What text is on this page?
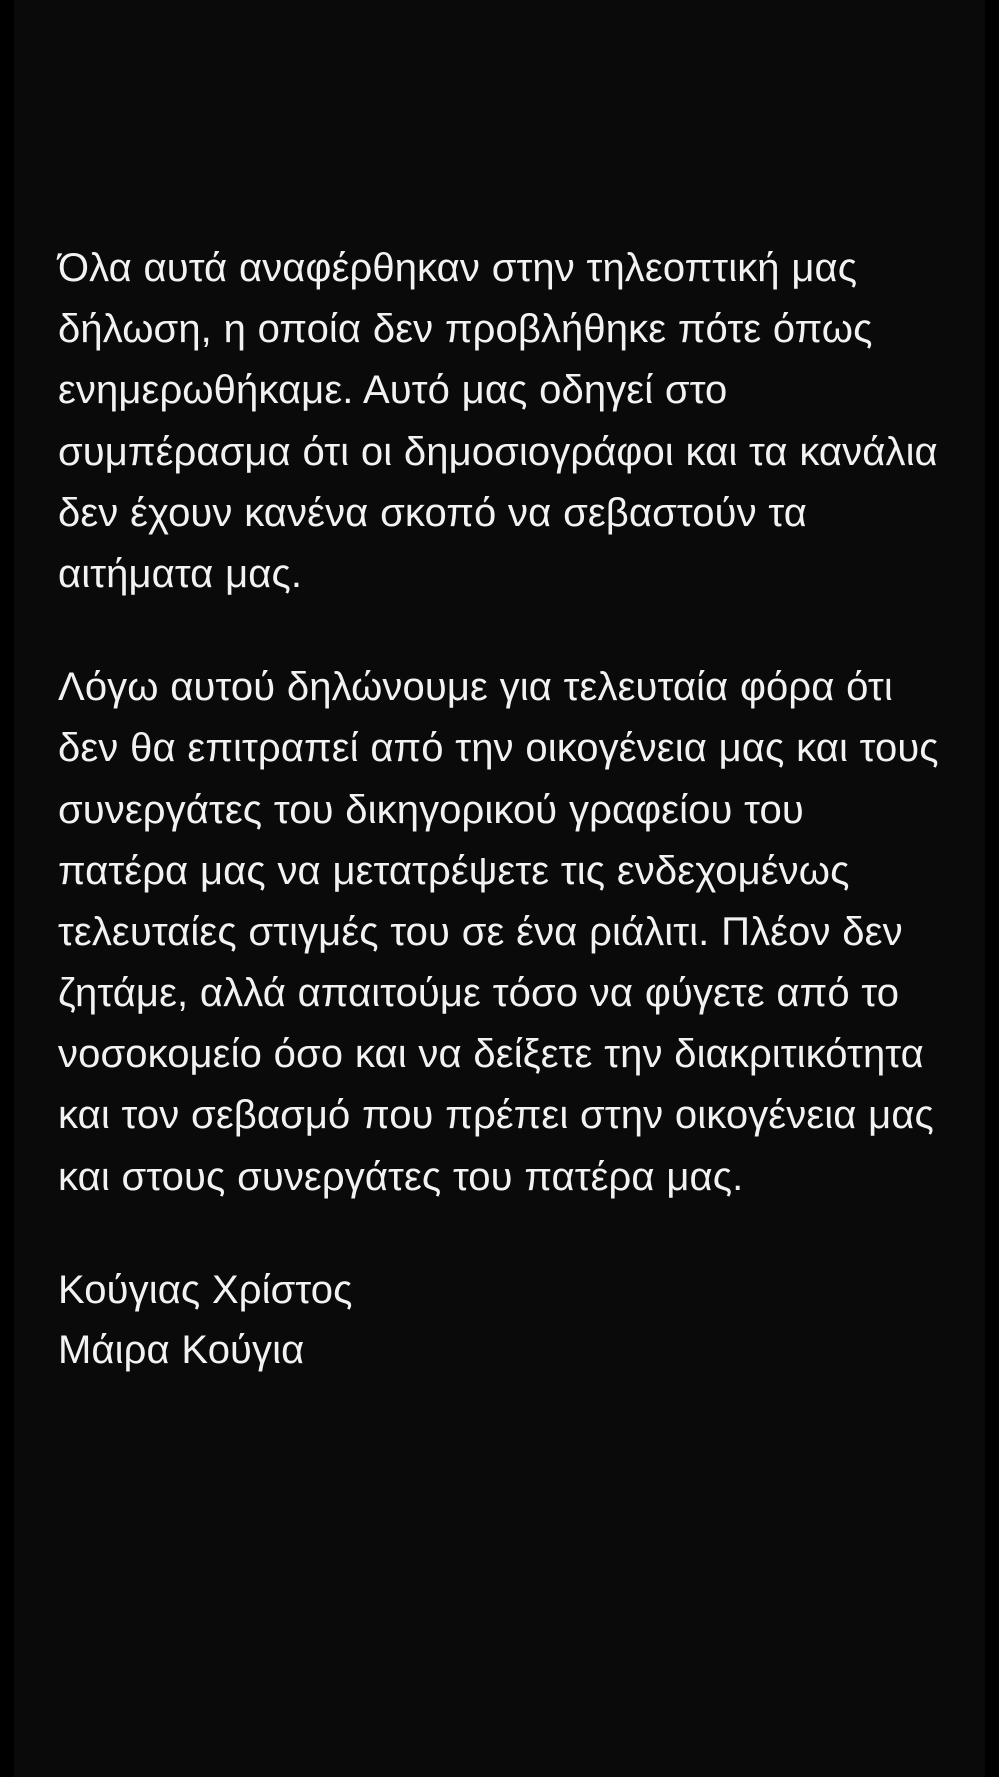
Όλα αυτά αναφέρθηκαν στην τηλεοπτική μας δήλωση, η οποία δεν προβλήθηκε πότε όπως ενημερωθήκαμε. Αυτό μας οδηγεί στο συμπέρασμα ότι οι δημοσιογράφοι και τα κανάλια δεν έχουν κανένα σκοπό να σεβαστούν τα αιτήματα μας.

Λόγω αυτού δηλώνουμε για τελευταία φόρα ότι δεν θα επιτραπεί από την οικογένεια μας και τους συνεργάτες του δικηγορικού γραφείου του πατέρα μας να μετατρέψετε τις ενδεχομένως τελευταίες στιγμές του σε ένα ριάλιτι. Πλέον δεν ζητάμε, αλλά απαιτούμε τόσο να φύγετε από το νοσοκομείο όσο και να δείξετε την διακριτικότητα και τον σεβασμό που πρέπει στην οικογένεια μας και στους συνεργάτες του πατέρα μας.

Κούγιας Χρίστος
Μάιρα Κούγια
